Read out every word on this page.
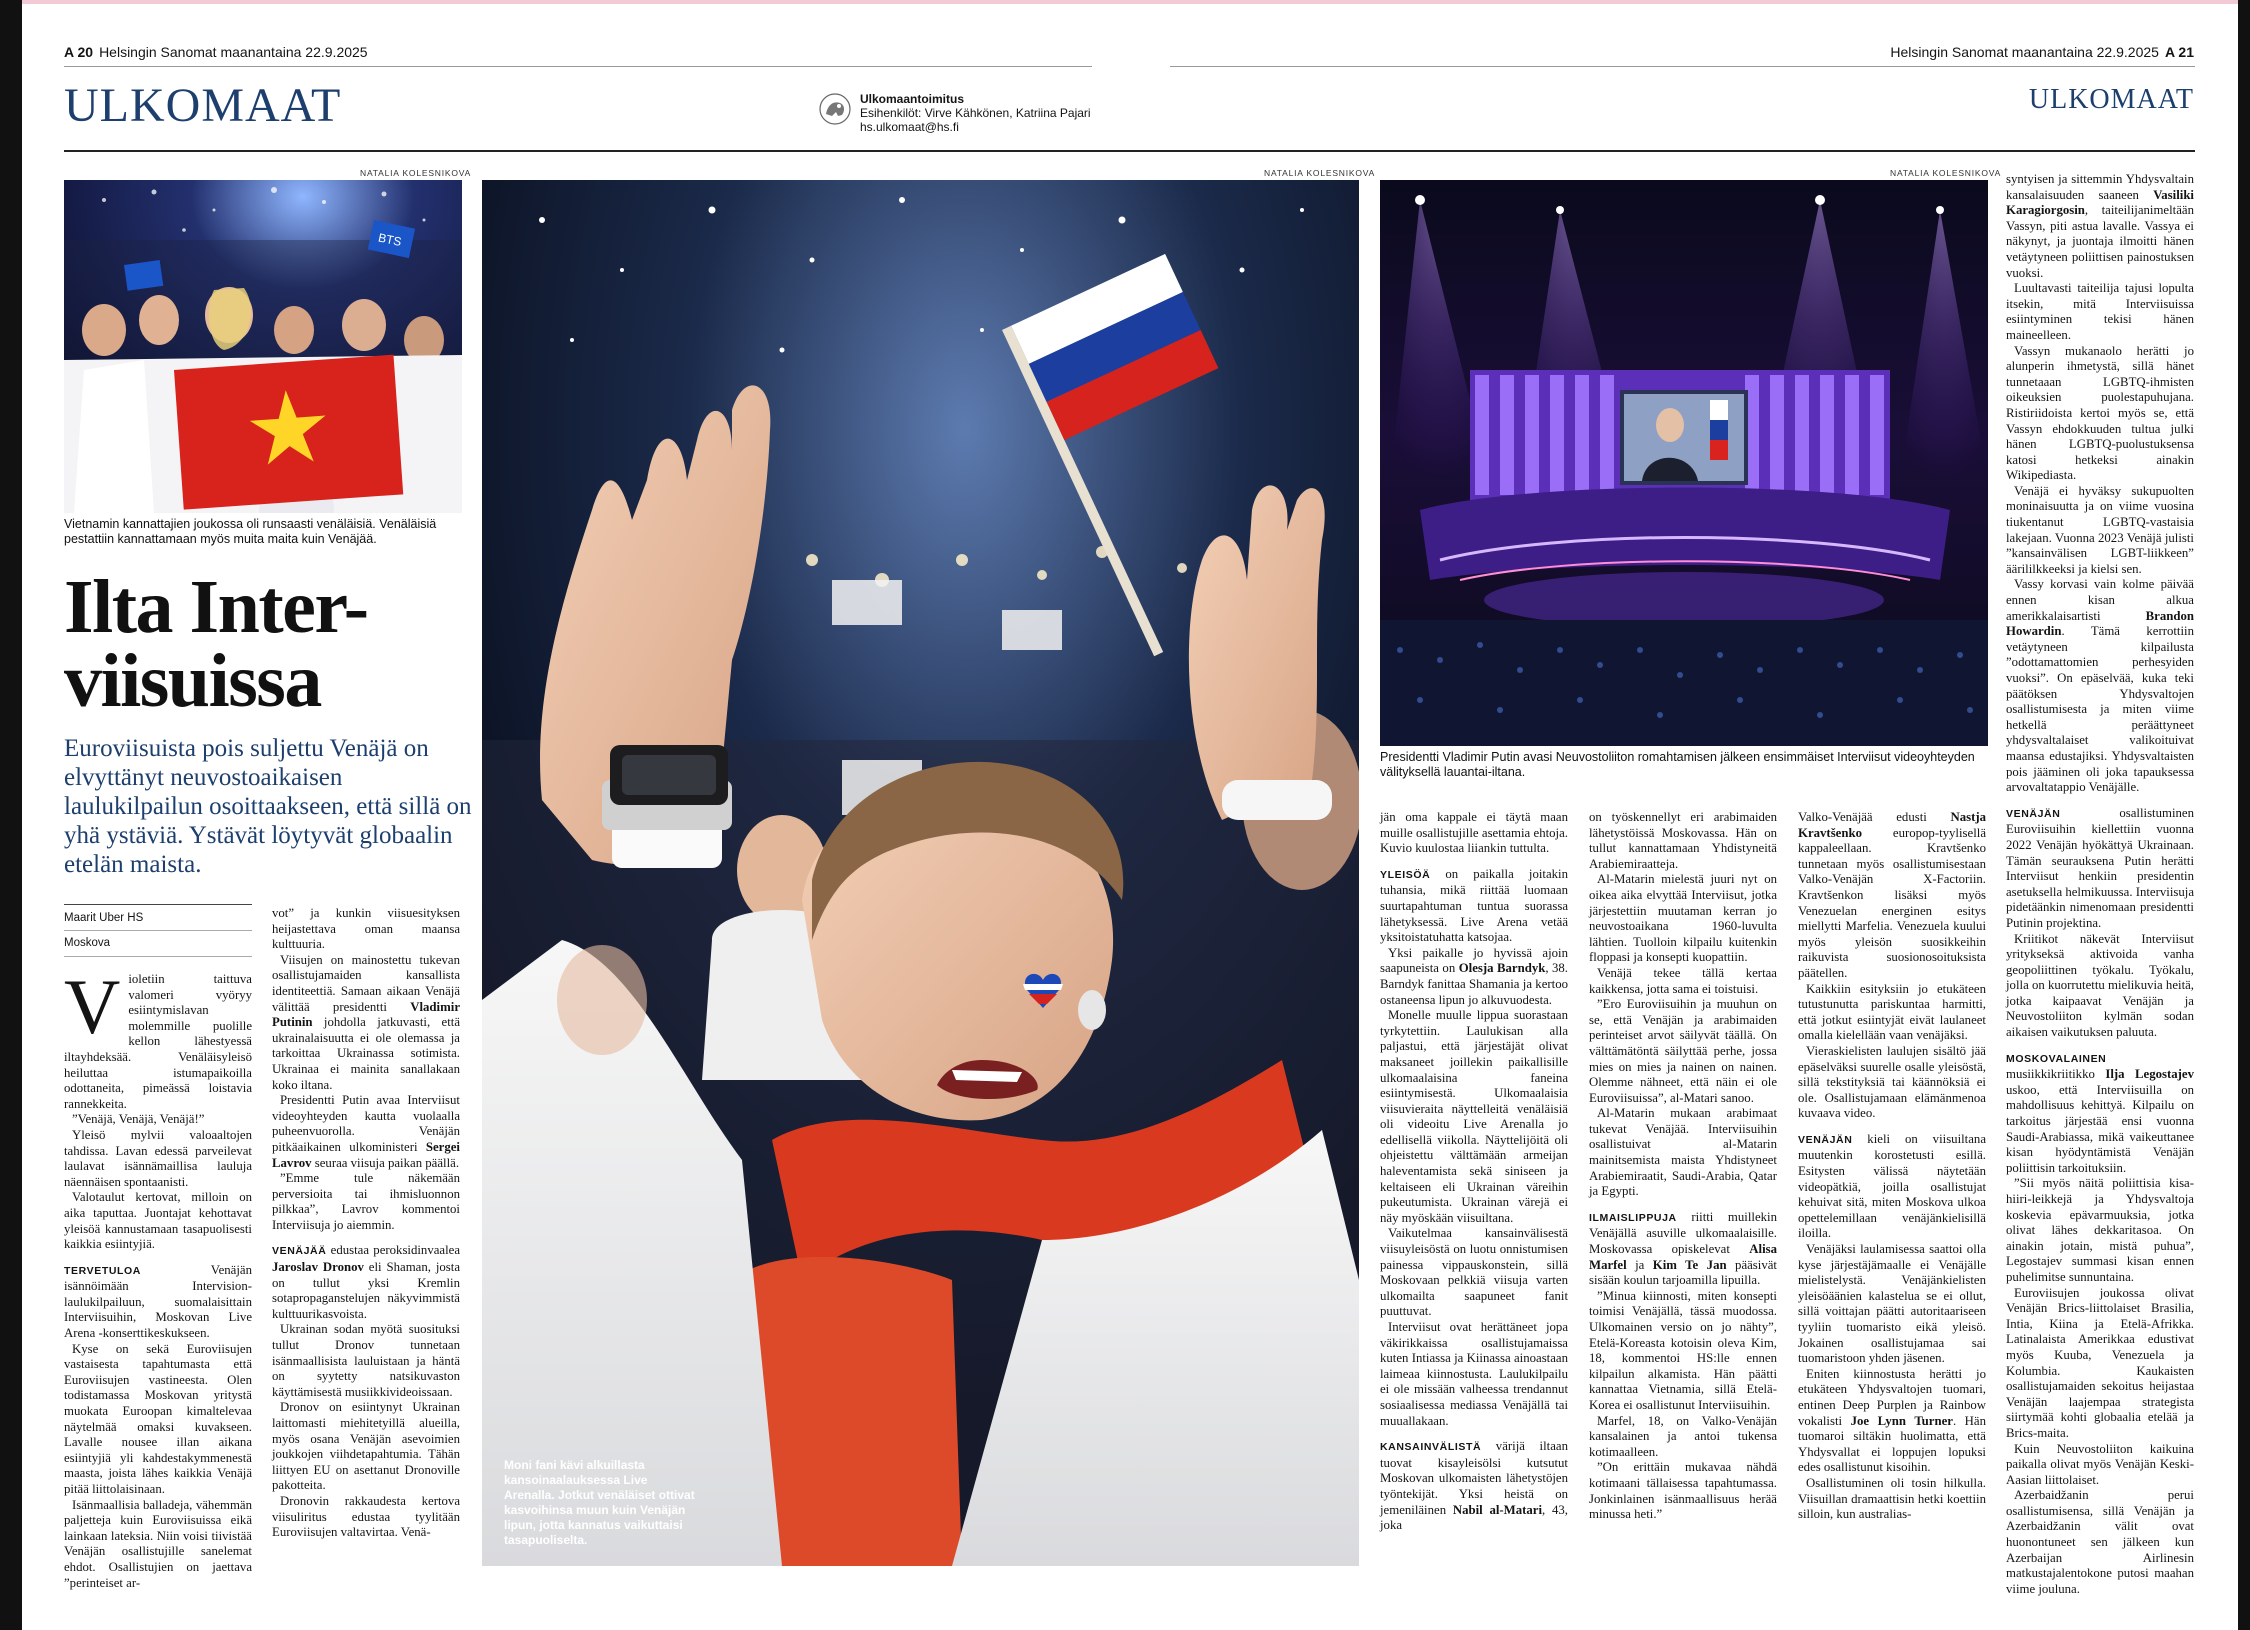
A 20 Helsingin Sanomat maanantaina 22.9.2025	Helsingin Sanomat maanantaina 22.9.2025 A 21
ULKOMAAT	ULKOMAAT
Ulkomaantoimitus
Esihenkilöt: Virve Kähkönen, Katriina Pajari
hs.ulkomaat@hs.fi
NATALIA KOLESNIKOVA
BTS
Vietnamin kannattajien joukossa oli runsaasti venäläisiä. Venäläisiä pestattiin kannattamaan myös muita maita kuin Venäjää.
Ilta Inter-
viisuissa
Euroviisuista pois suljettu Venäjä on elvyttänyt neuvostoaikaisen laulukilpailun osoittaakseen, että sillä on yhä ystäviä. Ystävät löytyvät globaalin etelän maista.
Maarit Uber HS
Moskova

Violetiin taittuva valomeri vyöryy esiintymislavan molemmille puolille kellon lähestyessä iltayhdeksää. Venäläisyleisö heiluttaa istumapaikoilla odottaneita, pimeässä loistavia rannekkeita.

”Venäjä, Venäjä, Venäjä!”

Yleisö mylvii valoaaltojen tahdissa. Lavan edessä parveilevat laulavat isännämaillisa lauluja näennäisen spontaanisti.

Valotaulut kertovat, milloin on aika taputtaa. Juontajat kehottavat yleisöä kannustamaan tasapuolisesti kaikkia esiintyjiä.

TERVETULOA Venäjän isännöimään Intervision-laulukilpailuun, suomalaisittain Interviisuihin, Moskovan Live Arena -konserttikeskukseen.

Kyse on sekä Euroviisujen vastaisesta tapahtumasta että Euroviisujen vastineesta. Olen todistamassa Moskovan yritystä muokata Euroopan kimaltelevaa näytelmää omaksi kuvakseen. Lavalle nousee illan aikana esiintyjiä yli kahdestakymmenestä maasta, joista lähes kaikkia Venäjä pitää liittolaisinaan.

Isänmaallisia balladeja, vähemmän paljetteja kuin Euroviisuissa eikä lainkaan lateksia. Niin voisi tiivistää Venäjän osallistujille sanelemat ehdot. Osallistujien on jaettava ”perinteiset ar-

vot” ja kunkin viisuesityksen heijastettava oman maansa kulttuuria.

Viisujen on mainostettu tukevan osallistujamaiden kansallista identiteettiä. Samaan aikaan Venäjä välittää presidentti Vladimir Putinin johdolla jatkuvasti, että ukrainalaisuutta ei ole olemassa ja tarkoittaa Ukrainassa sotimista. Ukrainaa ei mainita sanallakaan koko iltana.

Presidentti Putin avaa Interviisut videoyhteyden kautta vuolaalla puheenvuorolla. Venäjän pitkäaikainen ulkoministeri Sergei Lavrov seuraa viisuja paikan päällä.

”Emme tule näkemään perversioita tai ihmisluonnon pilkkaa”, Lavrov kommentoi Interviisuja jo aiemmin.

VENÄJÄÄ edustaa peroksidinvaalea Jaroslav Dronov eli Shaman, josta on tullut yksi Kremlin sotapropaganstelujen näkyvimmistä kulttuurikasvoista.

Ukrainan sodan myötä suosituksi tullut Dronov tunnetaan isänmaallisista lauluistaan ja häntä on syytetty natsikuvaston käyttämisestä musiikkivideoissaan.

Dronov on esiintynyt Ukrainan laittomasti miehitetyillä alueilla, myös osana Venäjän asevoimien joukkojen viihdetapahtumia. Tähän liittyen EU on asettanut Dronoville pakotteita.

Dronovin rakkaudesta kertova viisuliritus edustaa tyylitään Euroviisujen valtavirtaa. Venä-

NATALIA KOLESNIKOVA
Moni fani kävi alkuillasta kansoinaalauksessa Live Arenalla. Jotkut venäläiset ottivat kasvoihinsa muun kuin Venäjän lipun, jotta kannatus vaikuttaisi tasapuoliselta.
NATALIA KOLESNIKOVA
Presidentti Vladimir Putin avasi Neuvostoliiton romahtamisen jälkeen ensimmäiset Interviisut videoyhteyden välityksellä lauantai-iltana.

jän oma kappale ei täytä maan muille osallistujille asettamia ehtoja. Kuvio kuulostaa liiankin tuttulta.

YLEISÖÄ on paikalla joitakin tuhansia, mikä riittää luomaan suurtapahtuman tuntua suorassa lähetyksessä. Live Arena vetää yksitoistatuhatta katsojaa.

Yksi paikalle jo hyvissä ajoin saapuneista on Olesja Barndyk, 38. Barndyk fanittaa Shamania ja kertoo ostaneensa lipun jo alkuvuodesta.

Monelle muulle lippua suorastaan tyrkytettiin. Laulukisan alla paljastui, että järjestäjät olivat maksaneet joillekin paikallisille ulkomaalaisina faneina esiintymisestä. Ulkomaalaisia viisuvieraita näyttelleitä venäläisiä oli videoitu Live Arenalla jo edellisellä viikolla. Näyttelijöitä oli ohjeistettu välttämään armeijan haleventamista sekä siniseen ja keltaiseen eli Ukrainan väreihin pukeutumista. Ukrainan värejä ei näy myöskään viisuiltana.

Vaikutelmaa kansainvälisestä viisuyleisöstä on luotu onnistumisen painessa vippauskonstein, sillä Moskovaan pelkkiä viisuja varten ulkomailta saapuneet fanit puuttuvat.

Interviisut ovat herättäneet jopa väkirikkaissa osallistujamaissa kuten Intiassa ja Kiinassa ainoastaan laimeaa kiinnostusta. Laulukilpailu ei ole missään valheessa trendannut sosiaalisessa mediassa Venäjällä tai muuallakaan.

KANSAINVÄLISTÄ värijä iltaan tuovat kisayleisölsi kutsutut Moskovan ulkomaisten lähetystöjen työntekijät. Yksi heistä on jemeniläinen Nabil al-Matari, 43, joka

on työskennellyt eri arabimaiden lähetystöissä Moskovassa. Hän on tullut kannattamaan Yhdistyneitä Arabiemiraatteja.

Al-Matarin mielestä juuri nyt on oikea aika elvyttää Interviisut, jotka järjestettiin muutaman kerran jo neuvostoaikana 1960-luvulta lähtien. Tuolloin kilpailu kuitenkin floppasi ja konsepti kuopattiin.

Venäjä tekee tällä kertaa kaikkensa, jotta sama ei toistuisi.

”Ero Euroviisuihin ja muuhun on se, että Venäjän ja arabimaiden perinteiset arvot säilyvät täällä. On välttämätöntä säilyttää perhe, jossa mies on mies ja nainen on nainen. Olemme nähneet, että näin ei ole Euroviisuissa”, al-Matari sanoo.

Al-Matarin mukaan arabimaat tukevat Venäjää. Interviisuihin osallistuivat al-Matarin mainitsemista maista Yhdistyneet Arabiemiraatit, Saudi-Arabia, Qatar ja Egypti.

ILMAISLIPPUJA riitti muillekin Venäjällä asuville ulkomaalaisille. Moskovassa opiskelevat Alisa Marfel ja Kim Te Jan pääsivät sisään koulun tarjoamilla lipuilla.

”Minua kiinnosti, miten konsepti toimisi Venäjällä, tässä muodossa. Ulkomainen versio on jo nähty”, Etelä-Koreasta kotoisin oleva Kim, 18, kommentoi HS:lle ennen kilpailun alkamista. Hän päätti kannattaa Vietnamia, sillä Etelä-Korea ei osallistunut Interviisuihin.

Marfel, 18, on Valko-Venäjän kansalainen ja antoi tukensa kotimaalleen.

”On erittäin mukavaa nähdä kotimaani tällaisessa tapahtumassa. Jonkinlainen isänmaallisuus herää minussa heti.”

Valko-Venäjää edusti Nastja Kravtšenko europop-tyylisellä kappaleellaan. Kravtšenko tunnetaan myös osallistumisestaan Valko-Venäjän X-Factoriin. Kravtšenkon lisäksi myös Venezuelan energinen esitys miellytti Marfelia. Venezuela kuului myös yleisön suosikkeihin raikuvista suosionosoituksista päätellen.

Kaikkiin esityksiin jo etukäteen tutustunutta pariskuntaa harmitti, että jotkut esiintyjät eivät laulaneet omalla kielellään vaan venäjäksi.

Vieraskielisten laulujen sisältö jää epäselväksi suurelle osalle yleisöstä, sillä tekstityksiä tai käännöksiä ei ole. Osallistujamaan elämänmenoa kuvaava video.

VENÄJÄN kieli on viisuiltana muutenkin korostetusti esillä. Esitysten välissä näytetään videopätkiä, joilla osallistujat kehuivat sitä, miten Moskova ulkoa opettelemillaan venäjänkielisillä iloilla.

Venäjäksi laulamisessa saattoi olla kyse järjestäjämaalle ei Venäjälle mielistelystä. Venäjänkielisten yleisöäänien kalastelua se ei ollut, sillä voittajan päätti autoritaariseen tyyliin tuomaristo eikä yleisö. Jokainen osallistujamaa sai tuomaristoon yhden jäsenen.

Eniten kiinnostusta herätti jo etukäteen Yhdysvaltojen tuomari, entinen Deep Purplen ja Rainbow vokalisti Joe Lynn Turner. Hän tuomaroi siltäkin huolimatta, että Yhdysvallat ei loppujen lopuksi edes osallistunut kisoihin.

Osallistuminen oli tosin hilkulla. Viisuillan dramaattisin hetki koettiin silloin, kun australias-

syntyisen ja sittemmin Yhdysvaltain kansalaisuuden saaneen Vasiliki Karagiorgosin, taiteilijanimeltään Vassyn, piti astua lavalle. Vassya ei näkynyt, ja juontaja ilmoitti hänen vetäytyneen poliittisen painostuksen vuoksi.

Luultavasti taiteilija tajusi lopulta itsekin, mitä Interviisuissa esiintyminen tekisi hänen maineelleen.

Vassyn mukanaolo herätti jo alunperin ihmetystä, sillä hänet tunnetaaan LGBTQ-ihmisten oikeuksien puolestapuhujana. Ristiriidoista kertoi myös se, että Vassyn ehdokkuuden tultua julki hänen LGBTQ-puolustuksensa katosi hetkeksi ainakin Wikipediasta.

Venäjä ei hyväksy sukupuolten moninaisuutta ja on viime vuosina tiukentanut LGBTQ-vastaisia lakejaan. Vuonna 2023 Venäjä julisti ”kansainvälisen LGBT-liikkeen” äärililkkeeksi ja kielsi sen.

Vassy korvasi vain kolme päivää ennen kisan alkua amerikkalaisartisti Brandon Howardin. Tämä kerrottiin vetäytyneen kilpailusta ”odottamattomien perhesyiden vuoksi”. On epäselvää, kuka teki päätöksen Yhdysvaltojen osallistumisesta ja miten viime hetkellä peräättyneet yhdysvaltalaiset valikoituivat maansa edustajiksi. Yhdysvaltaisten pois jääminen oli joka tapauksessa arvovaltatappio Venäjälle.

VENÄJÄN osallistuminen Euroviisuihin kiellettiin vuonna 2022 Venäjän hyökättyä Ukrainaan. Tämän seurauksena Putin herätti Interviisut henkiin presidentin asetuksella helmikuussa. Interviisuja pidetäänkin nimenomaan presidentti Putinin projektina.

Kriitikot näkevät Interviisut yritykseksä aktivoida vanha geopoliittinen työkalu. Työkalu, jolla on kuorrutettu mielikuvia heitä, jotka kaipaavat Venäjän ja Neuvostoliiton kylmän sodan aikaisen vaikutuksen paluuta.

MOSKOVALAINEN musiikkikriitikko Ilja Legostajev uskoo, että Interviisuilla on mahdollisuus kehittyä. Kilpailu on tarkoitus järjestää ensi vuonna Saudi-Arabiassa, mikä vaikeuttanee kisan hyödyntämistä Venäjän poliittisin tarkoituksiin.

”Sii myös näitä poliittisia kisa-hiiri-leikkejä ja Yhdysvaltoja koskevia epävarmuuksia, jotka olivat lähes dekkaritasoa. On ainakin jotain, mistä puhua”, Legostajev summasi kisan ennen puhelimitse sunnuntaina.

Euroviisujen joukossa olivat Venäjän Brics-liittolaiset Brasilia, Intia, Kiina ja Etelä-Afrikka. Latinalaista Amerikkaa edustivat myös Kuuba, Venezuela ja Kolumbia. Kaukaisten osallistujamaiden sekoitus heijastaa Venäjän laajempaa strategista siirtymää kohti globaalia etelää ja Brics-maita.

Kuin Neuvostoliiton kaikuina paikalla olivat myös Venäjän Keski-Aasian liittolaiset.

Azerbaidžanin perui osallistumisensa, sillä Venäjän ja Azerbaidžanin välit ovat huonontuneet sen jälkeen kun Azerbaijan Airlinesin matkustajalentokone putosi maahan viime jouluna.
